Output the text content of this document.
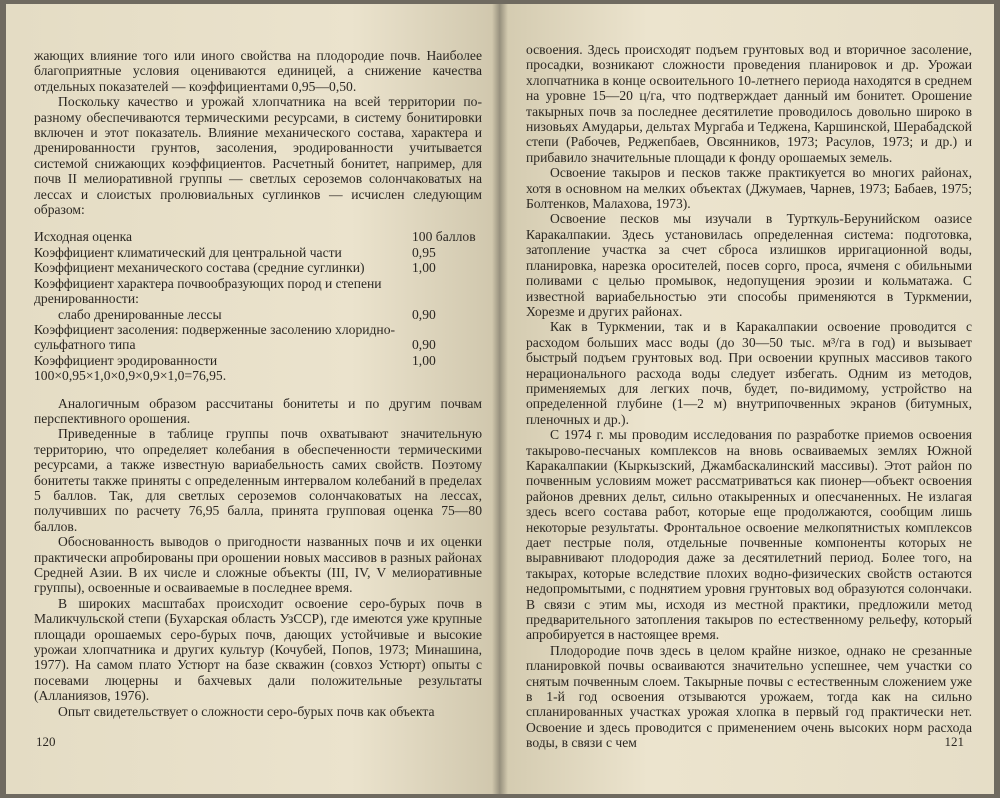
жающих влияние того или иного свойства на плодородие почв. Наиболее благоприятные условия оцениваются единицей, а снижение качества отдельных показателей — коэффициентами 0,95—0,50.

Поскольку качество и урожай хлопчатника на всей территории по-разному обеспечиваются термическими ресурсами, в систему бонитировки включен и этот показатель. Влияние механического состава, характера и дренированности грунтов, засоления, эродированности учитывается системой снижающих коэффициентов. Расчетный бонитет, например, для почв II мелиоративной группы — светлых сероземов солончаковатых на лессах и слоистых пролювиальных суглинков — исчислен следующим образом:

Исходная оценка	100 баллов
Коэффициент климатический для центральной части	0,95
Коэффициент механического состава (средние суглинки)	1,00
Коэффициент характера почвообразующих пород и степени дренированности:
слабо дренированные лессы	0,90
Коэффициент засоления: подверженные засолению хлоридно-сульфатного типа	0,90
Коэффициент эродированности	1,00
100×0,95×1,0×0,9×0,9×1,0=76,95.

Аналогичным образом рассчитаны бонитеты и по другим почвам перспективного орошения.

Приведенные в таблице группы почв охватывают значительную территорию, что определяет колебания в обеспеченности термическими ресурсами, а также известную вариабельность самих свойств. Поэтому бонитеты также приняты с определенным интервалом колебаний в пределах 5 баллов. Так, для светлых сероземов солончаковатых на лессах, получивших по расчету 76,95 балла, принята групповая оценка 75—80 баллов.

Обоснованность выводов о пригодности названных почв и их оценки практически апробированы при орошении новых массивов в разных районах Средней Азии. В их числе и сложные объекты (III, IV, V мелиоративные группы), освоенные и осваиваемые в последнее время.

В широких масштабах происходит освоение серо-бурых почв в Маликчульской степи (Бухарская область УзССР), где имеются уже крупные площади орошаемых серо-бурых почв, дающих устойчивые и высокие урожаи хлопчатника и других культур (Кочубей, Попов, 1973; Минашина, 1977). На самом плато Устюрт на базе скважин (совхоз Устюрт) опыты с посевами люцерны и бахчевых дали положительные результаты (Алланиязов, 1976).

Опыт свидетельствует о сложности серо-бурых почв как объекта

120

освоения. Здесь происходят подъем грунтовых вод и вторичное засоление, просадки, возникают сложности проведения планировок и др. Урожаи хлопчатника в конце освоительного 10-летнего периода находятся в среднем на уровне 15—20 ц/га, что подтверждает данный им бонитет. Орошение такырных почв за последнее десятилетие проводилось довольно широко в низовьях Амударьи, дельтах Мургаба и Теджена, Каршинской, Шерабадской степи (Рабочев, Реджепбаев, Овсянников, 1973; Расулов, 1973; и др.) и прибавило значительные площади к фонду орошаемых земель.

Освоение такыров и песков также практикуется во многих районах, хотя в основном на мелких объектах (Джумаев, Чарнев, 1973; Бабаев, 1975; Болтенков, Малахова, 1973).

Освоение песков мы изучали в Турткуль-Берунийском оазисе Каракалпакии. Здесь установилась определенная система: подготовка, затопление участка за счет сброса излишков ирригационной воды, планировка, нарезка оросителей, посев сорго, проса, ячменя с обильными поливами с целью промывок, недопущения эрозии и кольматажа. С известной вариабельностью эти способы применяются в Туркмении, Хорезме и других районах.

Как в Туркмении, так и в Каракалпакии освоение проводится с расходом больших масс воды (до 30—50 тыс. м³/га в год) и вызывает быстрый подъем грунтовых вод. При освоении крупных массивов такого нерационального расхода воды следует избегать. Одним из методов, применяемых для легких почв, будет, по-видимому, устройство на определенной глубине (1—2 м) внутрипочвенных экранов (битумных, пленочных и др.).

С 1974 г. мы проводим исследования по разработке приемов освоения такырово-песчаных комплексов на вновь осваиваемых землях Южной Каракалпакии (Кыркызский, Джамбаскалинский массивы). Этот район по почвенным условиям может рассматриваться как пионер—объект освоения районов древних дельт, сильно отакыренных и опесчаненных. Не излагая здесь всего состава работ, которые еще продолжаются, сообщим лишь некоторые результаты. Фронтальное освоение мелкопятнистых комплексов дает пестрые поля, отдельные почвенные компоненты которых не выравнивают плодородия даже за десятилетний период. Более того, на такырах, которые вследствие плохих водно-физических свойств остаются недопромытыми, с поднятием уровня грунтовых вод образуются солончаки. В связи с этим мы, исходя из местной практики, предложили метод предварительного затопления такыров по естественному рельефу, который апробируется в настоящее время.

Плодородие почв здесь в целом крайне низкое, однако не срезанные планировкой почвы осваиваются значительно успешнее, чем участки со снятым почвенным слоем. Такырные почвы с естественным сложением уже в 1-й год освоения отзываются урожаем, тогда как на сильно спланированных участках урожая хлопка в первый год практически нет. Освоение и здесь проводится с применением очень высоких норм расхода воды, в связи с чем	121
